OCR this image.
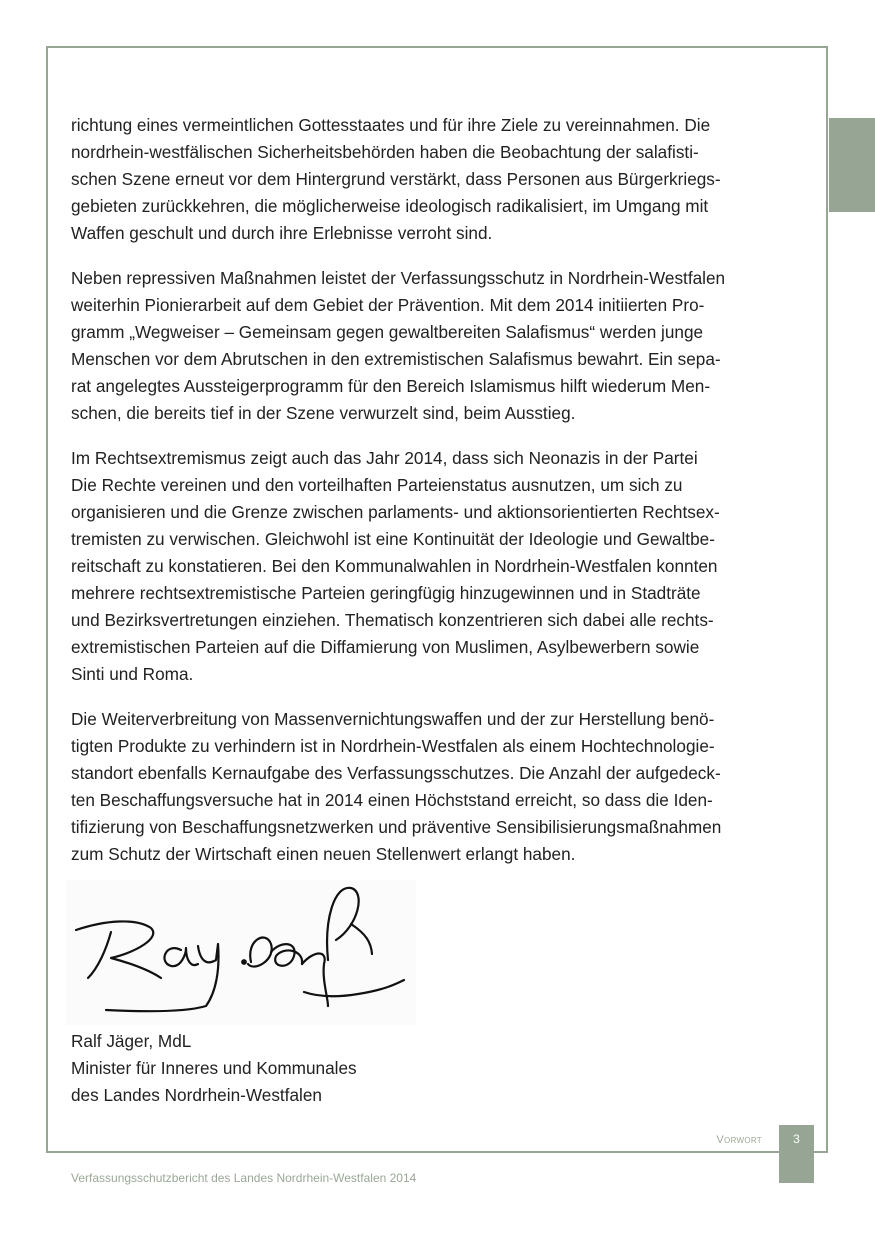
richtung eines vermeintlichen Gottesstaates und für ihre Ziele zu vereinnahmen. Die
nordrhein-westfälischen Sicherheitsbehörden haben die Beobachtung der salafisti-
schen Szene erneut vor dem Hintergrund verstärkt, dass Personen aus Bürgerkriegs-
gebieten zurückkehren, die möglicherweise ideologisch radikalisiert, im Umgang mit
Waffen geschult und durch ihre Erlebnisse verroht sind.

Neben repressiven Maßnahmen leistet der Verfassungsschutz in Nordrhein-Westfalen
weiterhin Pionierarbeit auf dem Gebiet der Prävention. Mit dem 2014 initiierten Pro-
gramm „Wegweiser – Gemeinsam gegen gewaltbereiten Salafismus“ werden junge
Menschen vor dem Abrutschen in den extremistischen Salafismus bewahrt. Ein sepa-
rat angelegtes Aussteigerprogramm für den Bereich Islamismus hilft wiederum Men-
schen, die bereits tief in der Szene verwurzelt sind, beim Ausstieg.

Im Rechtsextremismus zeigt auch das Jahr 2014, dass sich Neonazis in der Partei
Die Rechte vereinen und den vorteilhaften Parteienstatus ausnutzen, um sich zu
organisieren und die Grenze zwischen parlaments- und aktionsorientierten Rechtsex-
tremisten zu verwischen. Gleichwohl ist eine Kontinuität der Ideologie und Gewaltbe-
reitschaft zu konstatieren. Bei den Kommunalwahlen in Nordrhein-Westfalen konnten
mehrere rechtsextremistische Parteien geringfügig hinzugewinnen und in Stadträte
und Bezirksvertretungen einziehen. Thematisch konzentrieren sich dabei alle rechts-
extremistischen Parteien auf die Diffamierung von Muslimen, Asylbewerbern sowie
Sinti und Roma.

Die Weiterverbreitung von Massenvernichtungswaffen und der zur Herstellung benö-
tigten Produkte zu verhindern ist in Nordrhein-Westfalen als einem Hochtechnologie-
standort ebenfalls Kernaufgabe des Verfassungsschutzes. Die Anzahl der aufgedeck-
ten Beschaffungsversuche hat in 2014 einen Höchststand erreicht, so dass die Iden-
tifizierung von Beschaffungsnetzwerken und präventive Sensibilisierungsmaßnahmen
zum Schutz der Wirtschaft einen neuen Stellenwert erlangt haben.

Ralf Jäger, MdL
Minister für Inneres und Kommunales
des Landes Nordrhein-Westfalen
Vorwort	3
Verfassungsschutzbericht des Landes Nordrhein-Westfalen 2014
